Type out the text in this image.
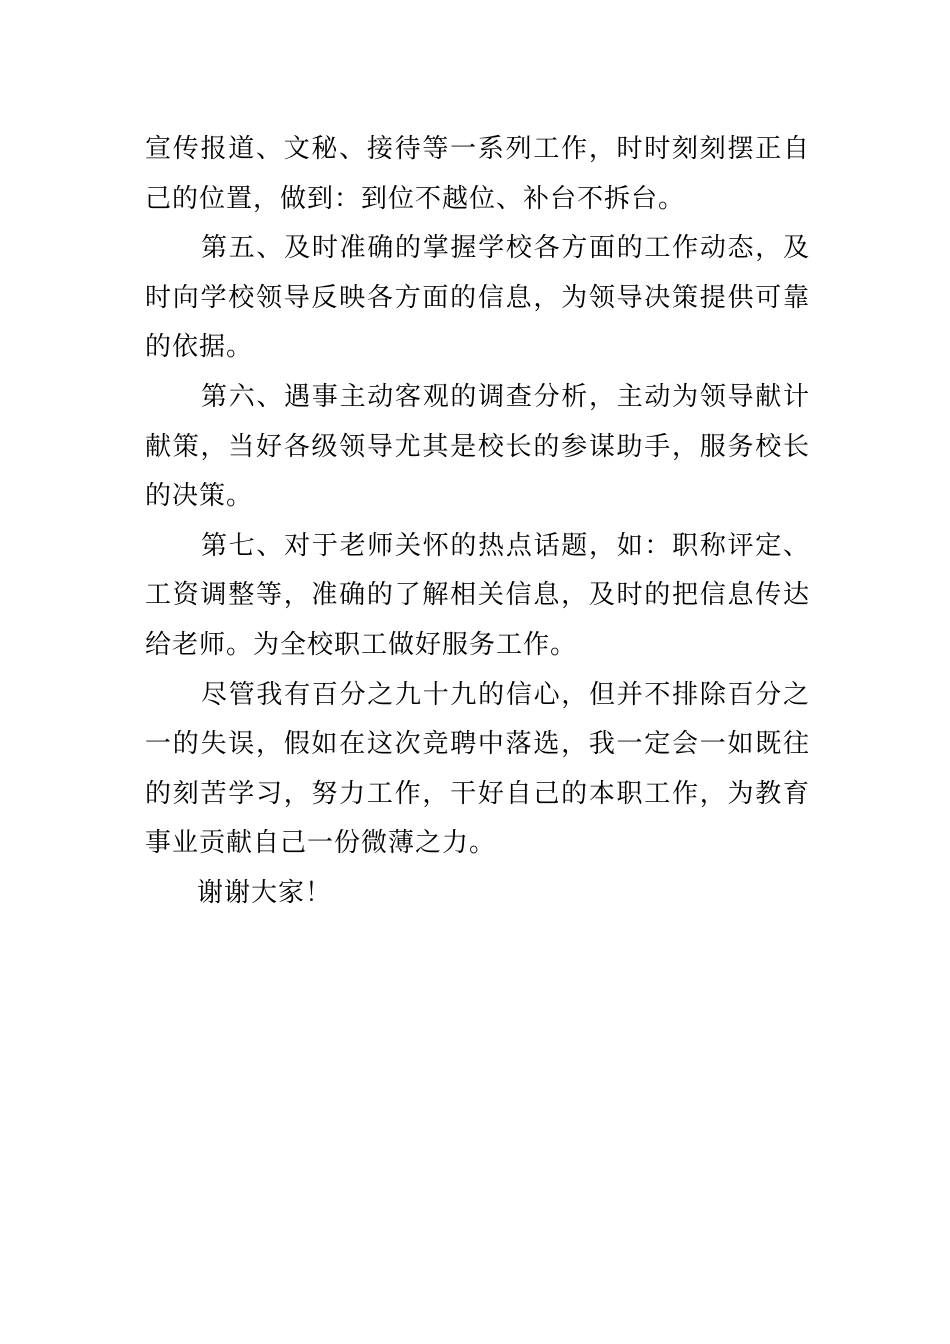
宣传报道、文秘、接待等一系列工作，时时刻刻摆正自己的位置，做到：到位不越位、补台不拆台。

第五、及时准确的掌握学校各方面的工作动态，及时向学校领导反映各方面的信息，为领导决策提供可靠的依据。

第六、遇事主动客观的调查分析，主动为领导献计献策，当好各级领导尤其是校长的参谋助手，服务校长的决策。

第七、对于老师关怀的热点话题，如：职称评定、工资调整等，准确的了解相关信息，及时的把信息传达给老师。为全校职工做好服务工作。

尽管我有百分之九十九的信心，但并不排除百分之一的失误，假如在这次竞聘中落选，我一定会一如既往的刻苦学习，努力工作，干好自己的本职工作，为教育事业贡献自己一份微薄之力。

谢谢大家！
